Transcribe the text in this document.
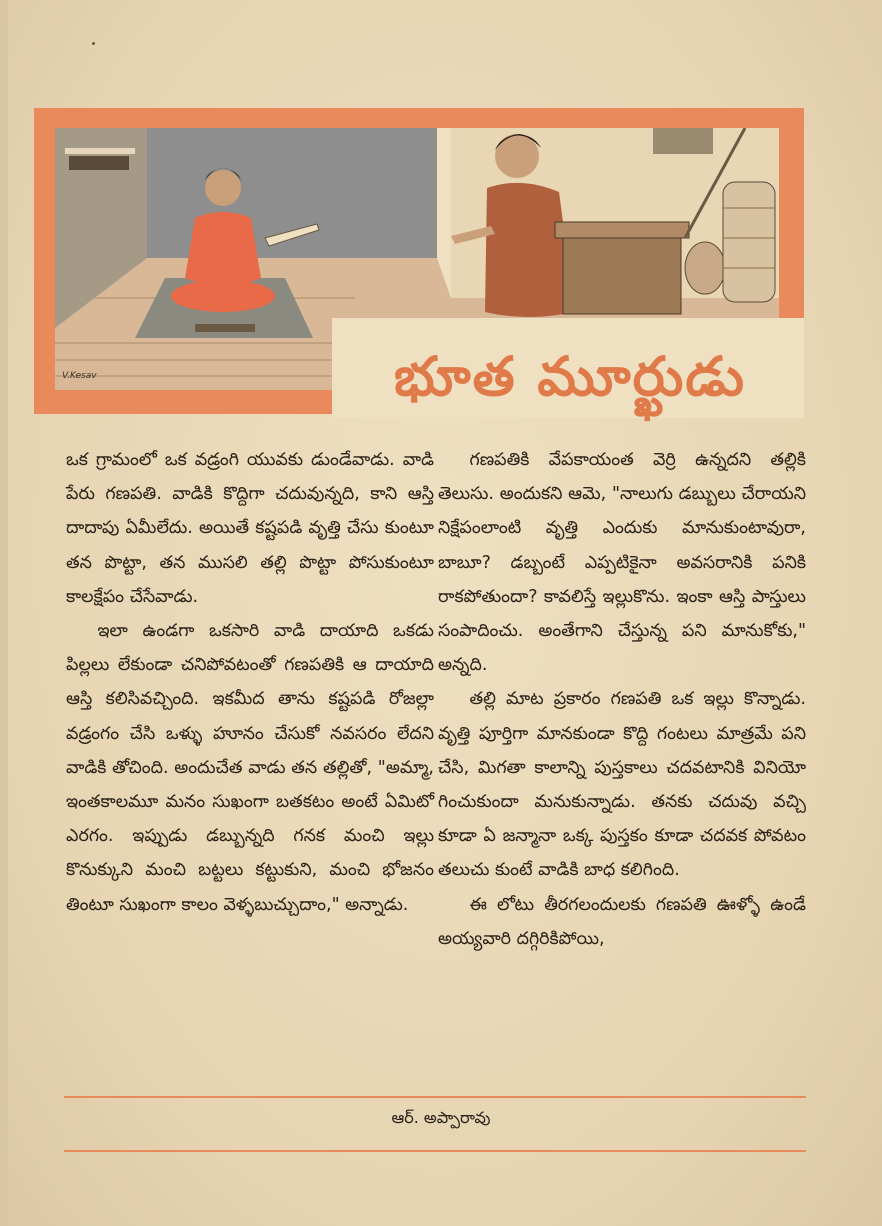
V.Kesav	భూత మూర్ఖుడు

ఒక గ్రామంలో ఒక వడ్రంగి యువకు డుండేవాడు. వాడి పేరు గణపతి. వాడికి కొద్దిగా చదువున్నది, కాని ఆస్తి దాదాపు ఏమీలేదు. అయితే కష్టపడి వృత్తి చేసు కుంటూ తన పొట్టా, తన ముసలి తల్లి పొట్టా పోసుకుంటూ కాలక్షేపం చేసేవాడు.

ఇలా ఉండగా ఒకసారి వాడి దాయాది ఒకడు పిల్లలు లేకుండా చనిపోవటంతో గణపతికి ఆ దాయాది ఆస్తి కలిసివచ్చింది. ఇకమీద తాను కష్టపడి రోజల్లా వడ్రంగం చేసి ఒళ్ళు హూనం చేసుకో నవసరం లేదని వాడికి తోచింది. అందుచేత వాడు తన తల్లితో, "అమ్మా, ఇంతకాలమూ మనం సుఖంగా బతకటం అంటే ఏమిటో ఎరగం. ఇప్పుడు డబ్బున్నది గనక మంచి ఇల్లు కొనుక్కుని మంచి బట్టలు కట్టుకుని, మంచి భోజనం తింటూ సుఖంగా కాలం వెళ్ళబుచ్చుదాం," అన్నాడు.

గణపతికి వేపకాయంత వెర్రి ఉన్నదని తల్లికి తెలుసు. అందుకని ఆమె, "నాలుగు డబ్బులు చేరాయని నిక్షేపంలాంటి వృత్తి ఎందుకు మానుకుంటావురా, బాబూ? డబ్బంటే ఎప్పటికైనా అవసరానికి పనికి రాకపోతుందా? కావలిస్తే ఇల్లుకొను. ఇంకా ఆస్తి పాస్తులు సంపాదించు. అంతేగాని చేస్తున్న పని మానుకోకు," అన్నది.

తల్లి మాట ప్రకారం గణపతి ఒక ఇల్లు కొన్నాడు. వృత్తి పూర్తిగా మానకుండా కొద్ది గంటలు మాత్రమే పని చేసి, మిగతా కాలాన్ని పుస్తకాలు చదవటానికి వినియో గించుకుందా మనుకున్నాడు. తనకు చదువు వచ్చి కూడా ఏ జన్మానా ఒక్క పుస్తకం కూడా చదవక పోవటం తలుచు కుంటే వాడికి బాధ కలిగింది.

ఈ లోటు తీరగలందులకు గణపతి ఊళ్ళో ఉండే అయ్యవారి దగ్గిరికిపోయి,

ఆర్. అప్పారావు
